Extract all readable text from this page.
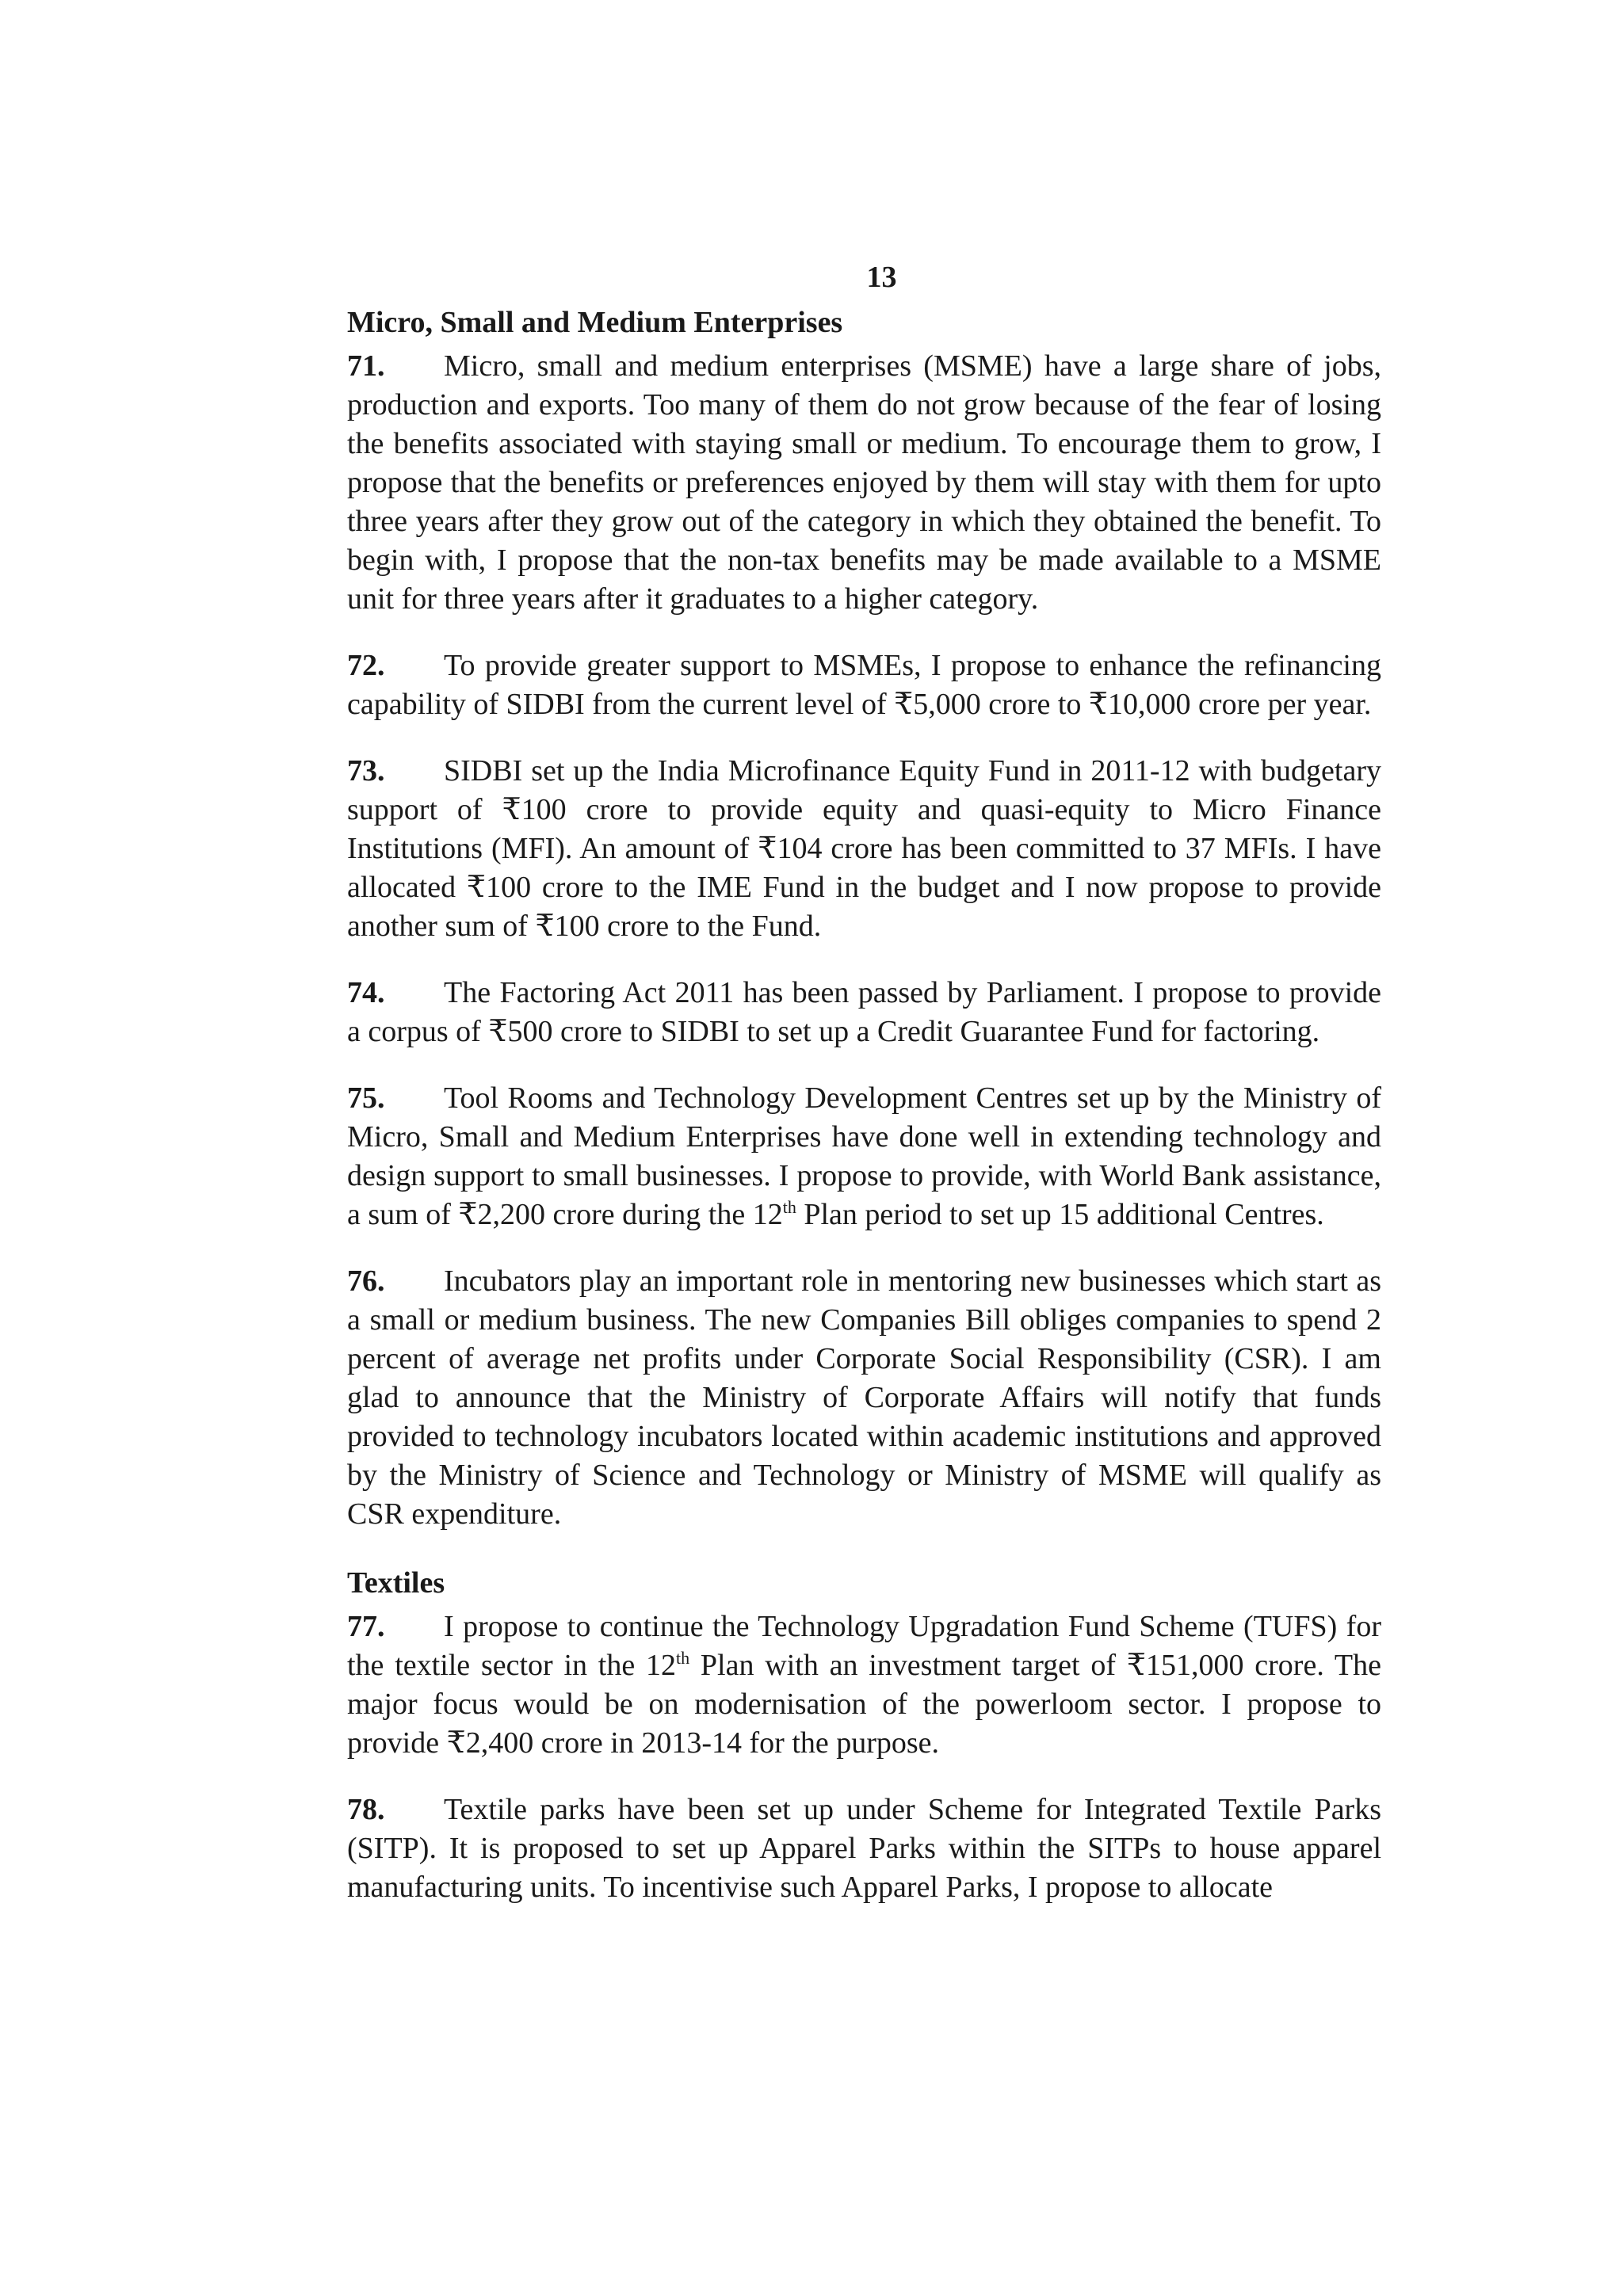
13
Micro, Small and Medium Enterprises

71. Micro, small and medium enterprises (MSME) have a large share of jobs, production and exports. Too many of them do not grow because of the fear of losing the benefits associated with staying small or medium. To encourage them to grow, I propose that the benefits or preferences enjoyed by them will stay with them for upto three years after they grow out of the category in which they obtained the benefit. To begin with, I propose that the non-tax benefits may be made available to a MSME unit for three years after it graduates to a higher category.

72. To provide greater support to MSMEs, I propose to enhance the refinancing capability of SIDBI from the current level of ₹5,000 crore to ₹10,000 crore per year.

73. SIDBI set up the India Microfinance Equity Fund in 2011-12 with budgetary support of ₹100 crore to provide equity and quasi-equity to Micro Finance Institutions (MFI). An amount of ₹104 crore has been committed to 37 MFIs. I have allocated ₹100 crore to the IME Fund in the budget and I now propose to provide another sum of ₹100 crore to the Fund.

74. The Factoring Act 2011 has been passed by Parliament. I propose to provide a corpus of ₹500 crore to SIDBI to set up a Credit Guarantee Fund for factoring.

75. Tool Rooms and Technology Development Centres set up by the Ministry of Micro, Small and Medium Enterprises have done well in extending technology and design support to small businesses. I propose to provide, with World Bank assistance, a sum of ₹2,200 crore during the 12th Plan period to set up 15 additional Centres.

76. Incubators play an important role in mentoring new businesses which start as a small or medium business. The new Companies Bill obliges companies to spend 2 percent of average net profits under Corporate Social Responsibility (CSR). I am glad to announce that the Ministry of Corporate Affairs will notify that funds provided to technology incubators located within academic institutions and approved by the Ministry of Science and Technology or Ministry of MSME will qualify as CSR expenditure.

Textiles

77. I propose to continue the Technology Upgradation Fund Scheme (TUFS) for the textile sector in the 12th Plan with an investment target of ₹151,000 crore. The major focus would be on modernisation of the powerloom sector. I propose to provide ₹2,400 crore in 2013-14 for the purpose.

78. Textile parks have been set up under Scheme for Integrated Textile Parks (SITP). It is proposed to set up Apparel Parks within the SITPs to house apparel manufacturing units. To incentivise such Apparel Parks, I propose to allocate
